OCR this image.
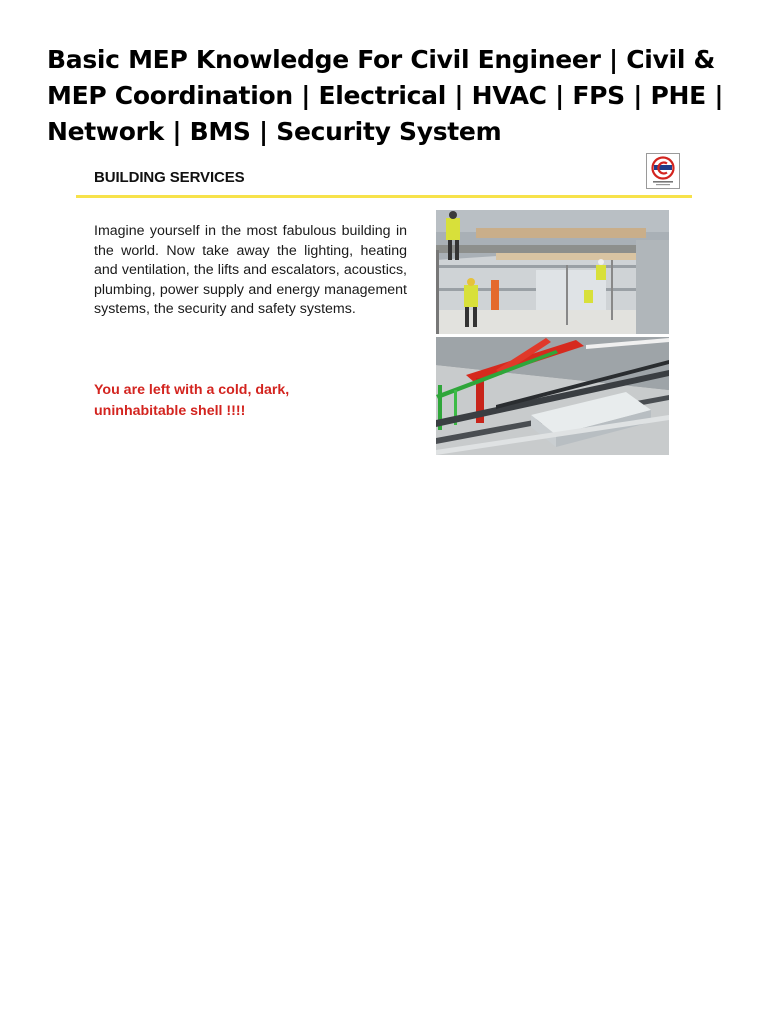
Basic MEP Knowledge For Civil Engineer | Civil & MEP Coordination | Electrical | HVAC | FPS | PHE | Network | BMS | Security System
BUILDING SERVICES

Imagine yourself in the most fabulous building in the world. Now take away the lighting, heating and ventilation, the lifts and escalators, acoustics, plumbing, power supply and energy management systems, the security and safety systems.

You are left with a cold, dark, uninhabitable shell !!!!
